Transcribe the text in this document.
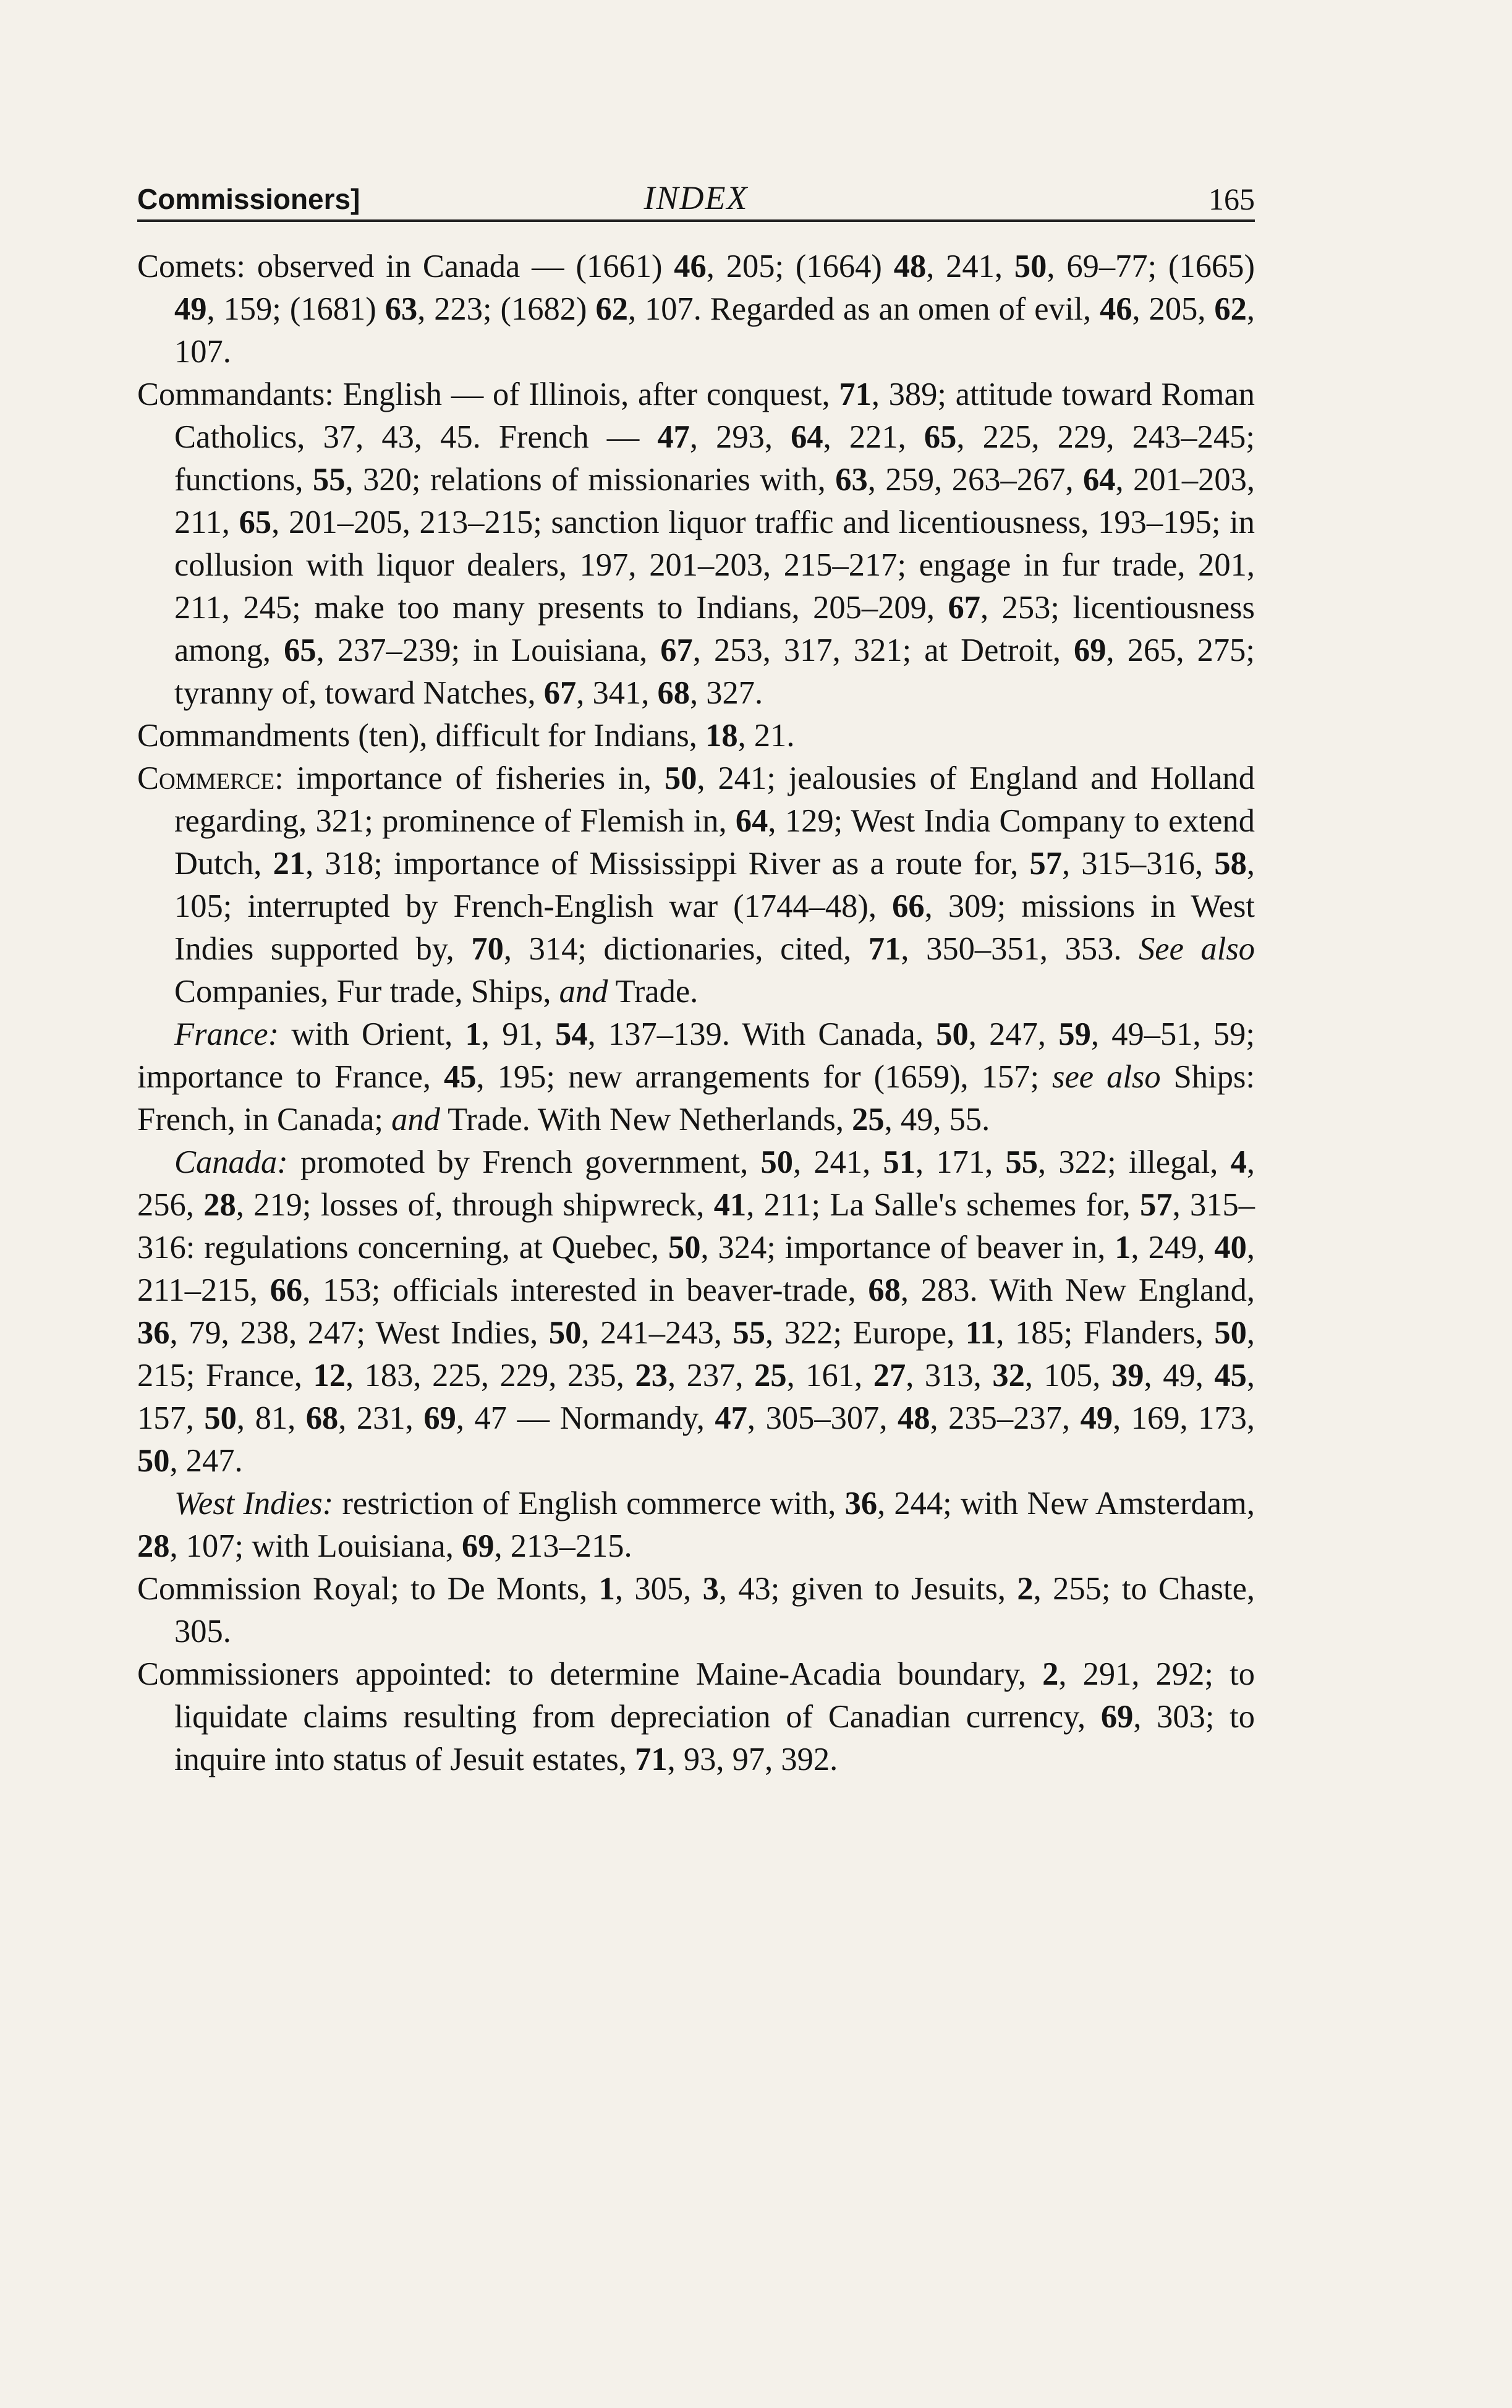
Commissioners]	INDEX	165

Comets: observed in Canada — (1661) 46, 205; (1664) 48, 241, 50, 69–77; (1665) 49, 159; (1681) 63, 223; (1682) 62, 107. Regarded as an omen of evil, 46, 205, 62, 107.

Commandants: English — of Illinois, after conquest, 71, 389; attitude toward Roman Catholics, 37, 43, 45. French — 47, 293, 64, 221, 65, 225, 229, 243–245; functions, 55, 320; relations of missionaries with, 63, 259, 263–267, 64, 201–203, 211, 65, 201–205, 213–215; sanction liquor traffic and licentiousness, 193–195; in collusion with liquor dealers, 197, 201–203, 215–217; engage in fur trade, 201, 211, 245; make too many presents to Indians, 205–209, 67, 253; licentiousness among, 65, 237–239; in Louisiana, 67, 253, 317, 321; at Detroit, 69, 265, 275; tyranny of, toward Natches, 67, 341, 68, 327.

Commandments (ten), difficult for Indians, 18, 21.

Commerce: importance of fisheries in, 50, 241; jealousies of England and Holland regarding, 321; prominence of Flemish in, 64, 129; West India Company to extend Dutch, 21, 318; importance of Mississippi River as a route for, 57, 315–316, 58, 105; interrupted by French-English war (1744–48), 66, 309; missions in West Indies supported by, 70, 314; dictionaries, cited, 71, 350–351, 353. See also Companies, Fur trade, Ships, and Trade.

France: with Orient, 1, 91, 54, 137–139. With Canada, 50, 247, 59, 49–51, 59; importance to France, 45, 195; new arrangements for (1659), 157; see also Ships: French, in Canada; and Trade. With New Netherlands, 25, 49, 55.

Canada: promoted by French government, 50, 241, 51, 171, 55, 322; illegal, 4, 256, 28, 219; losses of, through shipwreck, 41, 211; La Salle's schemes for, 57, 315–316: regulations concerning, at Quebec, 50, 324; importance of beaver in, 1, 249, 40, 211–215, 66, 153; officials interested in beaver-trade, 68, 283. With New England, 36, 79, 238, 247; West Indies, 50, 241–243, 55, 322; Europe, 11, 185; Flanders, 50, 215; France, 12, 183, 225, 229, 235, 23, 237, 25, 161, 27, 313, 32, 105, 39, 49, 45, 157, 50, 81, 68, 231, 69, 47 — Normandy, 47, 305–307, 48, 235–237, 49, 169, 173, 50, 247.

West Indies: restriction of English commerce with, 36, 244; with New Amsterdam, 28, 107; with Louisiana, 69, 213–215.

Commission Royal; to De Monts, 1, 305, 3, 43; given to Jesuits, 2, 255; to Chaste, 305.

Commissioners appointed: to determine Maine-Acadia boundary, 2, 291, 292; to liquidate claims resulting from depreciation of Canadian currency, 69, 303; to inquire into status of Jesuit estates, 71, 93, 97, 392.
